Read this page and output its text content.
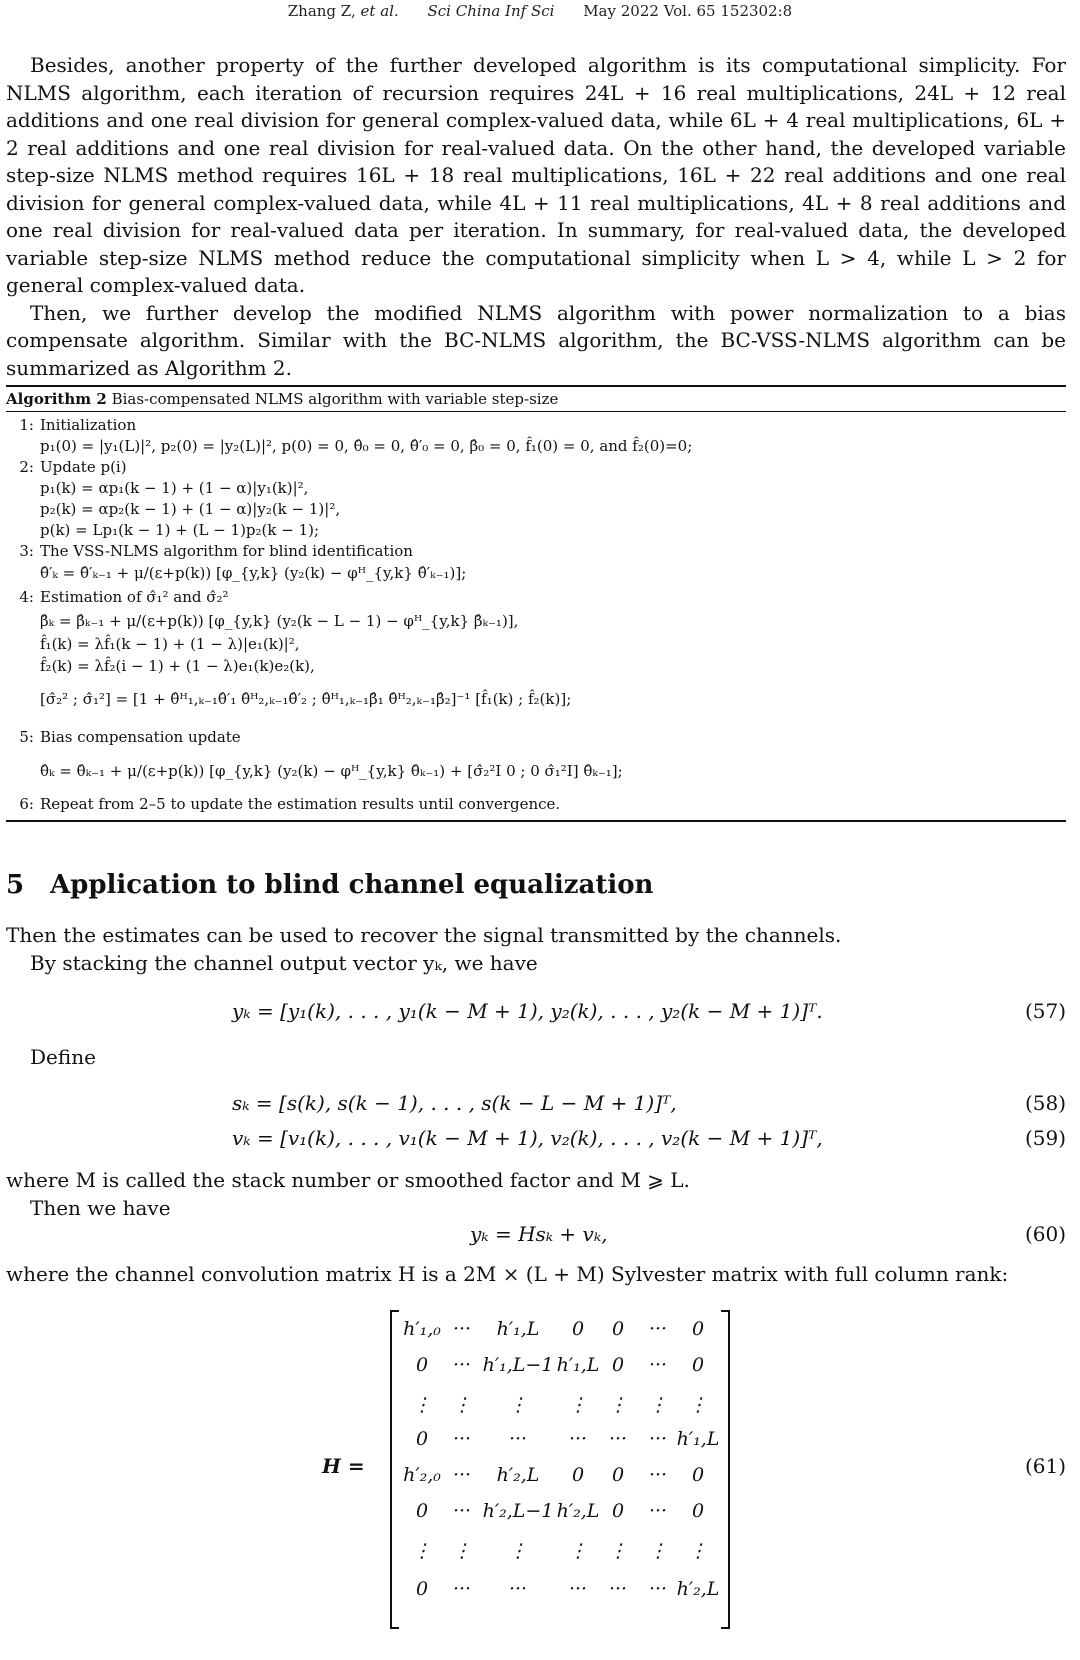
Zhang Z, et al. Sci China Inf Sci May 2022 Vol. 65 152302:8

Besides, another property of the further developed algorithm is its computational simplicity. For NLMS algorithm, each iteration of recursion requires 24L + 16 real multiplications, 24L + 12 real additions and one real division for general complex-valued data, while 6L + 4 real multiplications, 6L + 2 real additions and one real division for real-valued data. On the other hand, the developed variable step-size NLMS method requires 16L + 18 real multiplications, 16L + 22 real additions and one real division for general complex-valued data, while 4L + 11 real multiplications, 4L + 8 real additions and one real division for real-valued data per iteration. In summary, for real-valued data, the developed variable step-size NLMS method reduce the computational simplicity when L > 4, while L > 2 for general complex-valued data.

Then, we further develop the modified NLMS algorithm with power normalization to a bias compensate algorithm. Similar with the BC-NLMS algorithm, the BC-VSS-NLMS algorithm can be summarized as Algorithm 2.

Algorithm 2 Bias-compensated NLMS algorithm with variable step-size
1: Initialization
p₁(0) = |y₁(L)|², p₂(0) = |y₂(L)|², p(0) = 0, θ̂₀ = 0, θ̂′₀ = 0, β̂₀ = 0, f̂₁(0) = 0, and f̂₂(0)=0;
2: Update p(i)
p₁(k) = αp₁(k − 1) + (1 − α)|y₁(k)|²,
p₂(k) = αp₂(k − 1) + (1 − α)|y₂(k − 1)|²,
p(k) = Lp₁(k − 1) + (L − 1)p₂(k − 1);
3: The VSS-NLMS algorithm for blind identification
θ̂′ₖ = θ̂′ₖ₋₁ + μ/(ε+p(k)) [φ_{y,k} (y₂(k) − φᴴ_{y,k} θ̂′ₖ₋₁)];
4: Estimation of σ̂₁² and σ̂₂²
β̂ₖ = β̂ₖ₋₁ + μ/(ε+p(k)) [φ_{y,k} (y₂(k − L − 1) − φᴴ_{y,k} β̂ₖ₋₁)],
f̂₁(k) = λf̂₁(k − 1) + (1 − λ)|e₁(k)|²,
f̂₂(k) = λf̂₂(i − 1) + (1 − λ)e₁(k)e₂(k),
[σ̂₂² ; σ̂₁²] = [1 + θ̂ᴴ₁,ₖ₋₁θ̂′₁ θ̂ᴴ₂,ₖ₋₁θ̂′₂ ; θ̂ᴴ₁,ₖ₋₁β̂₁ θ̂ᴴ₂,ₖ₋₁β̂₂]⁻¹ [f̂₁(k) ; f̂₂(k)];
5: Bias compensation update
θ̂ₖ = θ̂ₖ₋₁ + μ/(ε+p(k)) [φ_{y,k} (y₂(k) − φᴴ_{y,k} θ̂ₖ₋₁) + [σ̂₂²I 0 ; 0 σ̂₁²I] θ̂ₖ₋₁];
6: Repeat from 2–5 to update the estimation results until convergence.
5 Application to blind channel equalization

Then the estimates can be used to recover the signal transmitted by the channels.

By stacking the channel output vector yₖ, we have

yₖ = [y₁(k), . . . , y₁(k − M + 1), y₂(k), . . . , y₂(k − M + 1)]ᵀ.	(57)
Define
sₖ = [s(k), s(k − 1), . . . , s(k − L − M + 1)]ᵀ,	(58)
vₖ = [v₁(k), . . . , v₁(k − M + 1), v₂(k), . . . , v₂(k − M + 1)]ᵀ,	(59)

where M is called the stack number or smoothed factor and M ⩾ L.

Then we have

yₖ = Hsₖ + vₖ,	(60)

where the channel convolution matrix H is a 2M × (L + M) Sylvester matrix with full column rank:

H =	(61)
h′₁,₀ ··· h′₁,L 0 0 ··· 0
0 ··· h′₁,L−1 h′₁,L 0 ··· 0
⋮ ⋮ ⋮ ⋮ ⋮ ⋮ ⋮
0 ··· ··· ··· ··· ··· h′₁,L
h′₂,₀ ··· h′₂,L 0 0 ··· 0
0 ··· h′₂,L−1 h′₂,L 0 ··· 0
⋮ ⋮ ⋮ ⋮ ⋮ ⋮ ⋮
0 ··· ··· ··· ··· ··· h′₂,L
